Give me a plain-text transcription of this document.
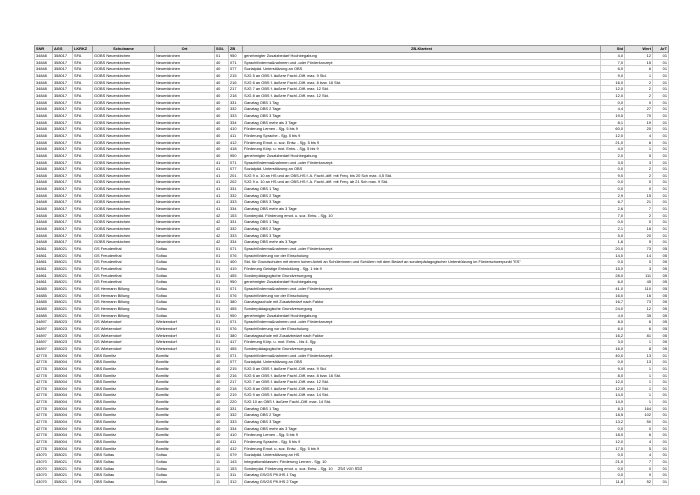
SNR	AGS	LKRKZ	Schulname	Ort	SGL	ZB	ZB-Klartext	Std	Wert	ArT
34848	358017	SFA	GOBS Neuenkirchen	Neuenkirchen	01	950	genehmigter Zusatzbedarf Hochbegabung	4,0	12	01
34848	358017	SFA	GOBS Neuenkirchen	Neuenkirchen	40	071	Sprachförderma&nahmen und -oder Förderkonzept	7,0	15	01
34848	358017	SFA	GOBS Neuenkirchen	Neuenkirchen	40	077	Sozialpäd. Unterstützung an OBS	6,0	6	01
34848	358017	SFA	GOBS Neuenkirchen	Neuenkirchen	40	215	SJG 5 an OBS f. äußere Fachl.-Diff. max. 9 Std.	9,0	1	01
34848	358017	SFA	GOBS Neuenkirchen	Neuenkirchen	40	216	SJG 6 an OBS f. äußere Fachl.-Diff. max. 8 bzw. 16 Std.	16,0	2	01
34848	358017	SFA	GOBS Neuenkirchen	Neuenkirchen	40	217	SJG 7 an OBS f. äußere Fachl.-Diff. max. 12 Std.	12,0	2	01
34848	358017	SFA	GOBS Neuenkirchen	Neuenkirchen	40	218	SJG 8 an OBS f. äußere Fachl.-Diff. max. 12 Std.	12,0	2	01
34848	358017	SFA	GOBS Neuenkirchen	Neuenkirchen	40	331	Ganztag OBS 1 Tag	0,0	0	01
34848	358017	SFA	GOBS Neuenkirchen	Neuenkirchen	40	332	Ganztag OBS 2 Tage	4,4	27	01
34848	358017	SFA	GOBS Neuenkirchen	Neuenkirchen	40	333	Ganztag OBS 3 Tage	19,5	70	01
34848	358017	SFA	GOBS Neuenkirchen	Neuenkirchen	40	334	Ganztag OBS mehr als 3 Tage	8,1	19	01
34848	358017	SFA	GOBS Neuenkirchen	Neuenkirchen	40	410	Förderung Lernen - Sjg. 5 bis 9	60,0	20	01
34848	358017	SFA	GOBS Neuenkirchen	Neuenkirchen	40	411	Förderung Sprache - Sjg. 5 bis 9	12,0	4	01
34848	358017	SFA	GOBS Neuenkirchen	Neuenkirchen	40	412	Förderung Emot. u. soz. Entw. - Sjg. 5 bis 9	21,0	6	01
34848	358017	SFA	GOBS Neuenkirchen	Neuenkirchen	40	418	Förderung Körp. u. mot. Entw. - Sjg. 5 bis 9	4,0	1	01
34848	358017	SFA	GOBS Neuenkirchen	Neuenkirchen	40	950	genehmigter Zusatzbedarf Hochbegabung	2,0	5	01
34848	358017	SFA	GOBS Neuenkirchen	Neuenkirchen	41	071	Sprachförderma&nahmen und -oder Förderkonzept	3,0	3	01
34848	358017	SFA	GOBS Neuenkirchen	Neuenkirchen	41	077	Sozialpäd. Unterstützung an OBS	0,0	2	01
34848	358017	SFA	GOBS Neuenkirchen	Neuenkirchen	41	201	SJG 9 o. 10 an HS und an OBS-HS f. A. Fachl.-diff. mit Freq. bis 20 Sch max. 4,5 Std.	9,0	2	01
34848	358017	SFA	GOBS Neuenkirchen	Neuenkirchen	41	202	SJG 9 o. 10 an HS und an OBS-HS f. A. Fachl.-diff. mit Freq. ab 21 Sch max. 9 Std.	0,0	0	01
34848	358017	SFA	GOBS Neuenkirchen	Neuenkirchen	41	331	Ganztag OBS 1 Tag	0,0	0	01
34848	358017	SFA	GOBS Neuenkirchen	Neuenkirchen	41	332	Ganztag OBS 2 Tage	2,9	15	01
34848	358017	SFA	GOBS Neuenkirchen	Neuenkirchen	41	333	Ganztag OBS 3 Tage	6,7	21	01
34848	358017	SFA	GOBS Neuenkirchen	Neuenkirchen	41	334	Ganztag OBS mehr als 3 Tage	2,6	7	01
34848	358017	SFA	GOBS Neuenkirchen	Neuenkirchen	42	153	Sonderpäd. Förderung emot. u. soz. Entw. - Sjg. 10	7,0	2	01
34848	358017	SFA	GOBS Neuenkirchen	Neuenkirchen	42	331	Ganztag OBS 1 Tag	0,0	0	01
34848	358017	SFA	GOBS Neuenkirchen	Neuenkirchen	42	332	Ganztag OBS 2 Tage	2,1	16	01
34848	358017	SFA	GOBS Neuenkirchen	Neuenkirchen	42	333	Ganztag OBS 3 Tage	5,0	20	01
34848	358017	SFA	GOBS Neuenkirchen	Neuenkirchen	42	334	Ganztag OBS mehr als 3 Tage	1,6	5	01
34861	358021	SFA	GS Freudenthal	Soltau	01	071	Sprachförderma&nahmen und -oder Förderkonzept	20,0	73	05
34861	358021	SFA	GS Freudenthal	Soltau	01	076	Sprachförderung vor der Einschulung	14,0	14	05
34861	358021	SFA	GS Freudenthal	Soltau	01	400	Std. für Grundschulen mit einem hohen Anteil an Schülerinnen und Schülern mit dem Bedarf an sonderpädagogischer Unterstützung im Förderschwerpunkt "ES"	0,0	0	05
34861	358021	SFA	GS Freudenthal	Soltau	01	419	Förderung Geistige Entwicklung - Sjg. 1 bis 9	15,0	3	05
34861	358021	SFA	GS Freudenthal	Soltau	01	455	Sonderpädagogische Grundversorgung	28,0	111	05
34861	358021	SFA	GS Freudenthal	Soltau	01	950	genehmigter Zusatzbedarf Hochbegabung	6,0	45	05
34885	358021	SFA	GS Hermann Billung	Soltau	01	071	Sprachförderma&nahmen und -oder Förderkonzept	41,0	110	05
34885	358021	SFA	GS Hermann Billung	Soltau	01	076	Sprachförderung vor der Einschulung	16,0	16	05
34885	358021	SFA	GS Hermann Billung	Soltau	01	380	Ganztagsschule mit Zusatzbedarf nach Faktor	16,7	73	05
34885	358021	SFA	GS Hermann Billung	Soltau	01	455	Sonderpädagogische Grundversorgung	24,0	12	05
34885	358021	SFA	GS Hermann Billung	Soltau	01	950	genehmigter Zusatzbedarf Hochbegabung	4,0	35	05
34897	358023	SFA	GS Wietzendorf	Wietzendorf	01	071	Sprachförderma&nahmen und -oder Förderkonzept	8,0	6	05
34897	358023	SFA	GS Wietzendorf	Wietzendorf	01	076	Sprachförderung vor der Einschulung	6,0	6	05
34897	358023	SFA	GS Wietzendorf	Wietzendorf	01	380	Ganztagsschule mit Zusatzbedarf nach Faktor	16,2	81	05
34897	358023	SFA	GS Wietzendorf	Wietzendorf	01	417	Förderung Körp. u. mot. Entw. - bis 4. Sjg.	3,0	1	05
34897	358023	SFA	GS Wietzendorf	Wietzendorf	01	455	Sonderpädagogische Grundversorgung	16,0	8	05
42778	358004	SFA	OBS Bomlitz	Bomlitz	40	071	Sprachförderma&nahmen und -oder Förderkonzept	40,0	13	01
42778	358004	SFA	OBS Bomlitz	Bomlitz	40	077	Sozialpäd. Unterstützung an OBS	0,0	13	01
42778	358004	SFA	OBS Bomlitz	Bomlitz	40	215	SJG 5 an OBS f. äußere Fachl.-Diff. max. 9 Std.	9,0	1	01
42778	358004	SFA	OBS Bomlitz	Bomlitz	40	216	SJG 6 an OBS f. äußere Fachl.-Diff. max. 8 bzw. 16 Std.	8,0	1	01
42778	358004	SFA	OBS Bomlitz	Bomlitz	40	217	SJG 7 an OBS f. äußere Fachl.-Diff. max. 12 Std.	12,0	1	01
42778	358004	SFA	OBS Bomlitz	Bomlitz	40	218	SJG 8 an OBS f. äußere Fachl.-Diff. max. 12 Std.	12,0	1	01
42778	358004	SFA	OBS Bomlitz	Bomlitz	40	219	SJG 9 an OBS f. äußere Fachl.-Diff. max. 14 Std.	14,0	1	01
42778	358004	SFA	OBS Bomlitz	Bomlitz	40	220	SJG 10 an OBS f. äußere Fachl.-Diff. max. 14 Std.	14,0	1	01
42778	358004	SFA	OBS Bomlitz	Bomlitz	40	331	Ganztag OBS 1 Tag	8,3	164	01
42778	358004	SFA	OBS Bomlitz	Bomlitz	40	332	Ganztag OBS 2 Tage	18,5	102	01
42778	358004	SFA	OBS Bomlitz	Bomlitz	40	333	Ganztag OBS 3 Tage	13,2	50	01
42778	358004	SFA	OBS Bomlitz	Bomlitz	40	334	Ganztag OBS mehr als 3 Tage	0,0	0	01
42778	358004	SFA	OBS Bomlitz	Bomlitz	40	410	Förderung Lernen - Sjg. 5 bis 9	18,0	6	01
42778	358004	SFA	OBS Bomlitz	Bomlitz	40	411	Förderung Sprache - Sjg. 5 bis 9	12,0	4	01
42778	358004	SFA	OBS Bomlitz	Bomlitz	40	412	Förderung Emot. u. soz. Entw. - Sjg. 5 bis 9	17,5	5	01
43070	358021	SFA	OBS Soltau	Soltau	11	079	Sozialpäd. Unterstützung an HS	0,0	4	01
43070	358021	SFA	OBS Soltau	Soltau	11	143	Integrationsklassen: Förderung Lernen - Sjg. 10	21,0	7	01
43070	358021	SFA	OBS Soltau	Soltau	11	153	Sonderpäd. Förderung emot. u. soz. Entw. - Sjg. 10	0,0	0	01
43070	358021	SFA	OBS Soltau	Soltau	11	311	Ganztag GS/GS Pfl./HS 1 Tag	0,0	0	01
43070	358021	SFA	OBS Soltau	Soltau	11	312	Ganztag GS/GS Pfl./HS 2 Tage	11,8	52	01
254 von 653
